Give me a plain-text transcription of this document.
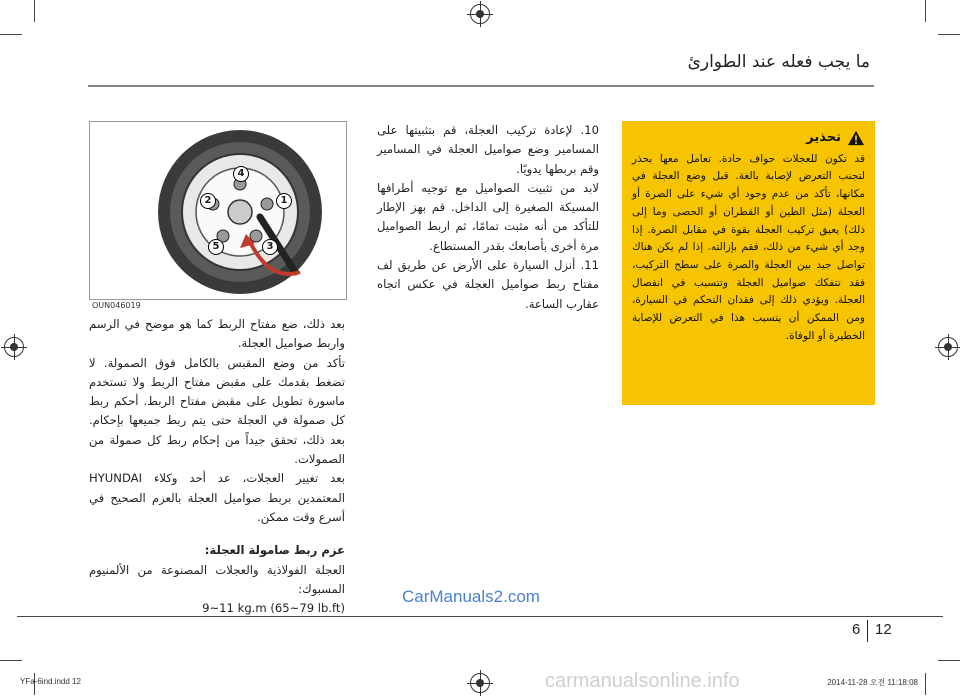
ما يجب فعله عند الطوارئ
تحذير

قد تكون للعجلات حواف حادة. تعامل معها بحذر لتجنب التعرض لإصابة بالغة. قبل وضع العجلة في مكانها، تأكد من عدم وجود أي شيء على الصرة أو العجلة (مثل الطين أو القطران أو الحصى وما إلى ذلك) يعيق تركيب العجلة بقوة في مقابل الصرة. إذا وجد أي شيء من ذلك، فقم بإزالته. إذا لم يكن هناك تواصل جيد بين العجلة والصرة على سطح التركيب، فقد تتفكك صواميل العجلة وتتسبب في انفصال العجلة. ويؤدي ذلك إلى فقدان التحكم في السيارة، ومن الممكن أن يتسبب هذا في التعرض للإصابة الخطيرة أو الوفاة.

10. لإعادة تركيب العجلة، قم بتثبيتها على المسامير وضع صواميل العجلة في المسامير وقم بربطها يدويًا.

لابد من تثبيت الصواميل مع توجيه أطرافها المسيكة الصغيرة إلى الداخل. قم بهز الإطار للتأكد من أنه مثبت تمامًا، ثم اربط الصواميل مرة أخرى بأصابعك بقدر المستطاع.

11. أنزل السيارة على الأرض عن طريق لف مفتاح ربط صواميل العجلة في عكس اتجاه عقارب الساعة.

1
2
3
4
5
OUN046019

بعد ذلك، ضع مفتاح الربط كما هو موضح في الرسم واربط صواميل العجلة.

تأكد من وضع المقبس بالكامل فوق الصمولة. لا تضغط بقدمك على مقبض مفتاح الربط ولا تستخدم ماسورة تطويل على مقبض مفتاح الربط. أحكم ربط كل صمولة في العجلة حتى يتم ربط جميعها بإحكام. بعد ذلك، تحقق جيداً من إحكام ربط كل صمولة من الصمولات.

بعد تغيير العجلات، عد أحد وكلاء HYUNDAI المعتمدين بربط صواميل العجلة بالعزم الصحيح في أسرع وقت ممكن.

عزم ربط صامولة العجلة:

العجلة الفولاذية والعجلات المصنوعة من الألمنيوم المسبوك:

9~11 kg.m (65~79 lb.ft)

CarManuals2.com
6 12
YFa-6ind.indd 12	carmanualsonline.info	2014-11-28 오전 11:18:08
